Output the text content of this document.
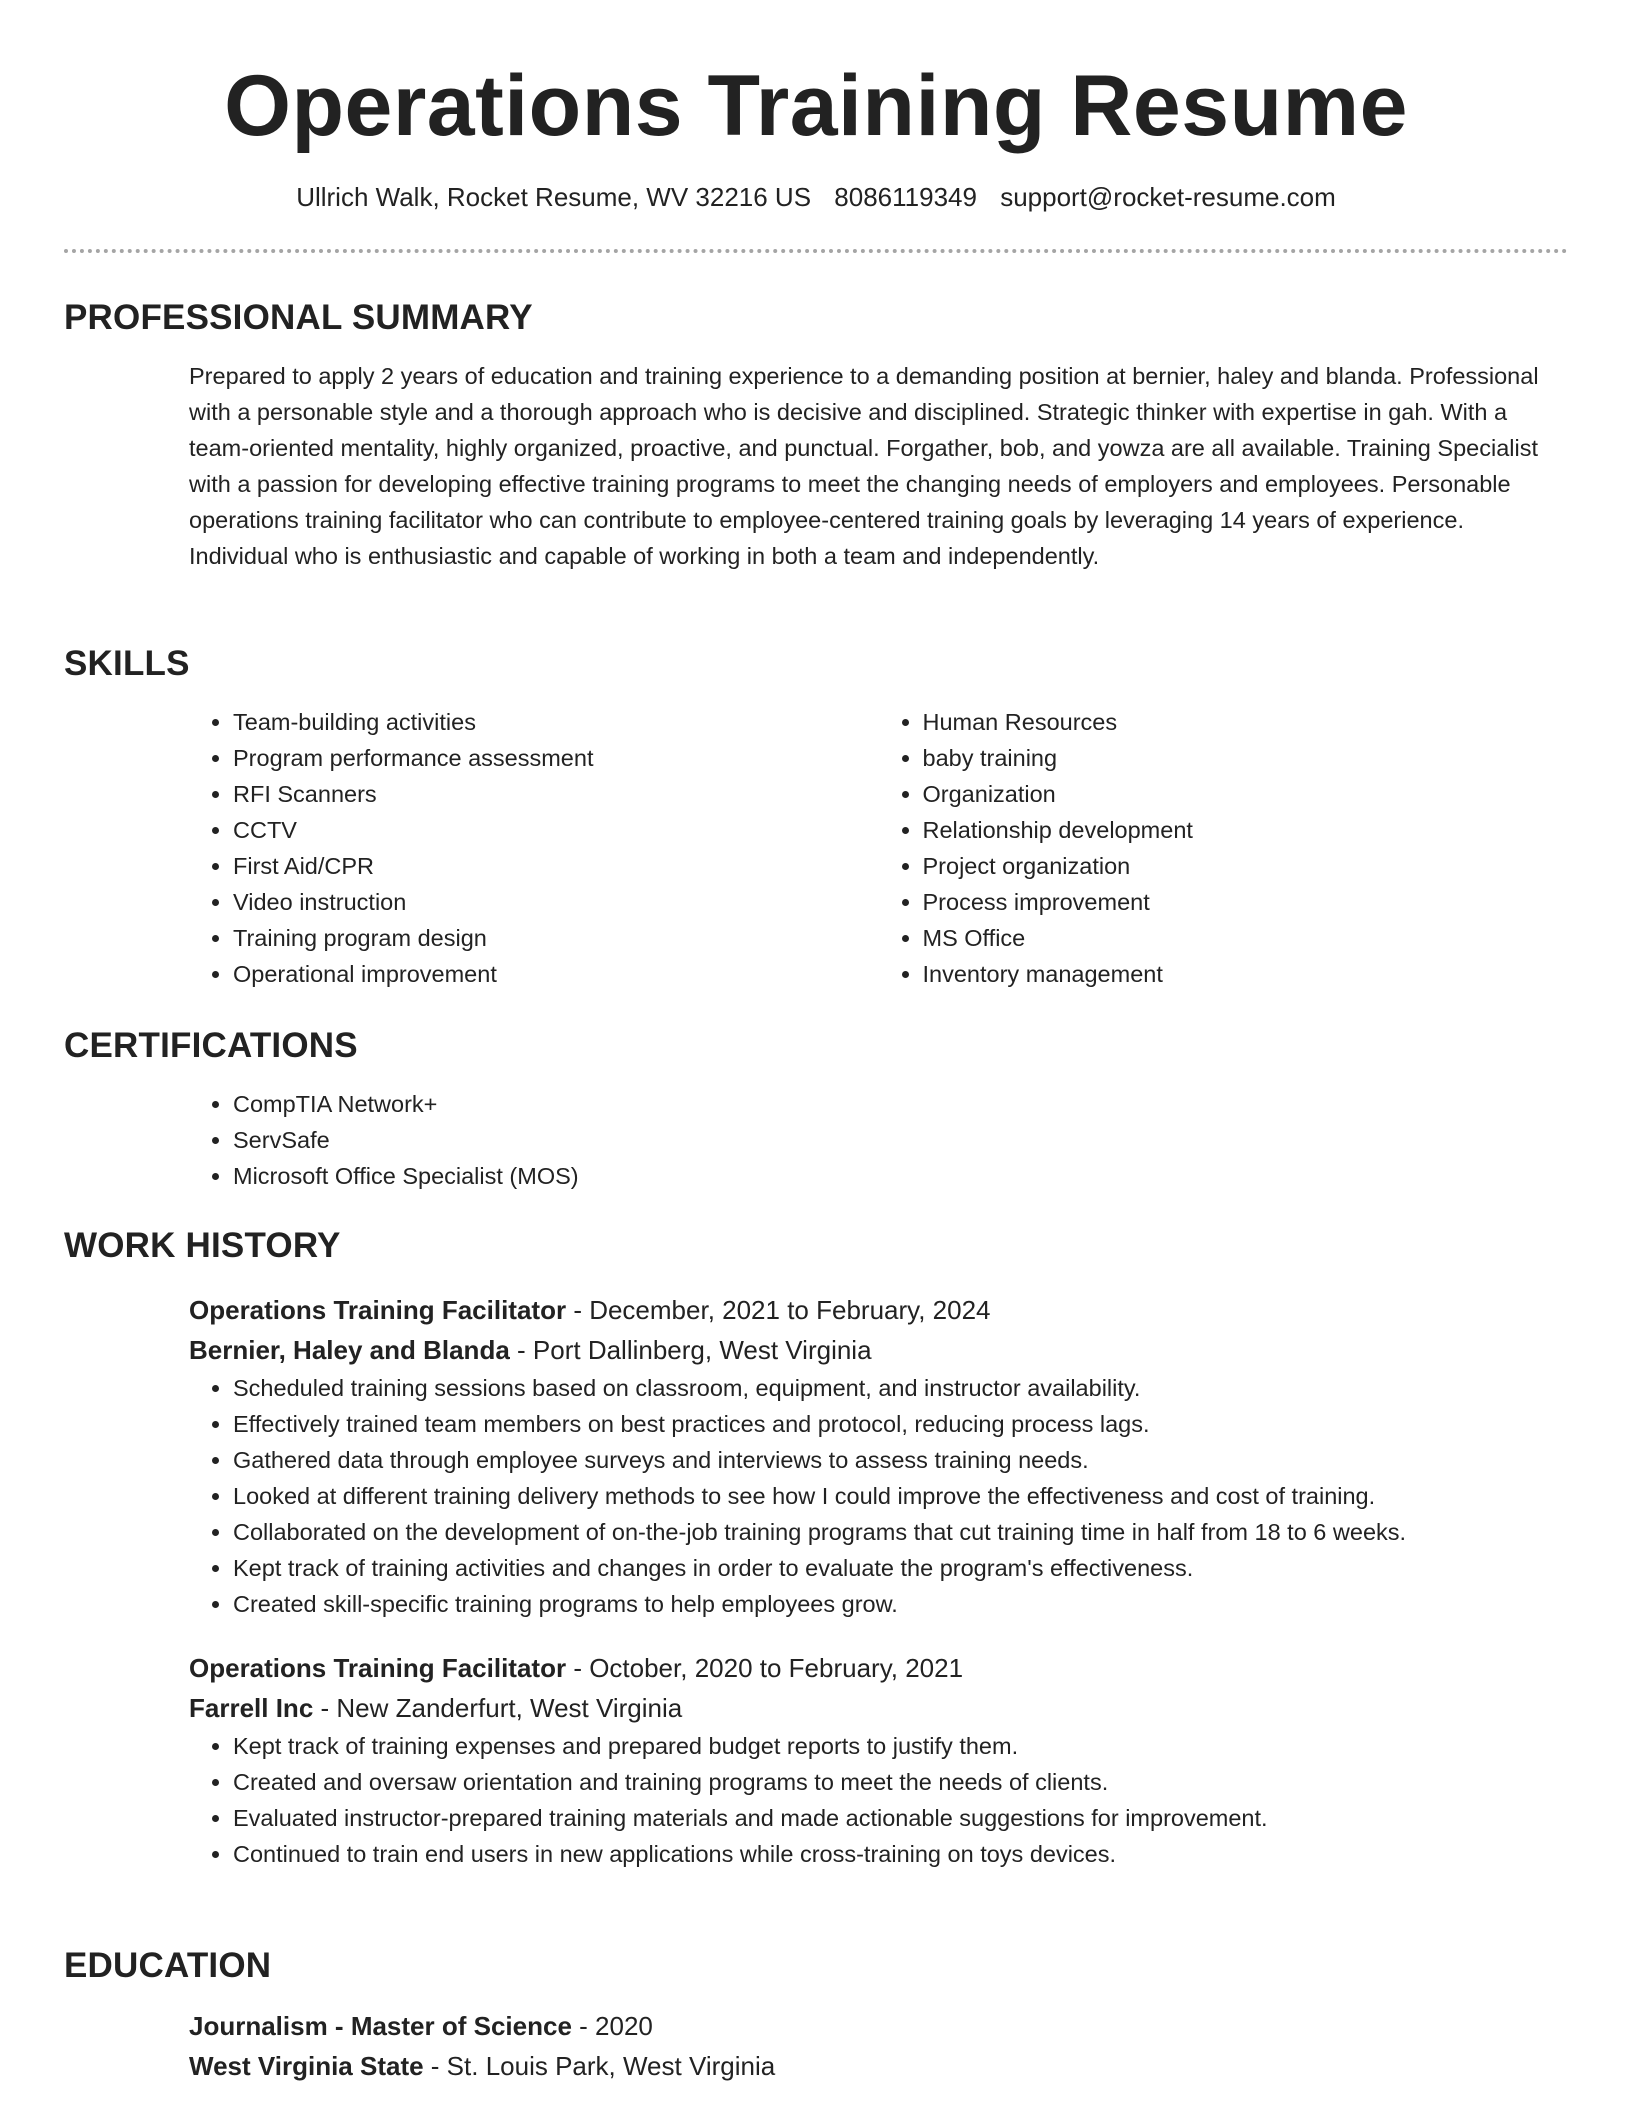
Operations Training Resume
Ullrich Walk, Rocket Resume, WV 32216 US 8086119349 support@rocket-resume.com
PROFESSIONAL SUMMARY
Prepared to apply 2 years of education and training experience to a demanding position at bernier, haley and blanda. Professional with a personable style and a thorough approach who is decisive and disciplined. Strategic thinker with expertise in gah. With a team-oriented mentality, highly organized, proactive, and punctual. Forgather, bob, and yowza are all available. Training Specialist with a passion for developing effective training programs to meet the changing needs of employers and employees. Personable operations training facilitator who can contribute to employee-centered training goals by leveraging 14 years of experience. Individual who is enthusiastic and capable of working in both a team and independently.
SKILLS
• Team-building activities
• Program performance assessment
• RFI Scanners
• CCTV
• First Aid/CPR
• Video instruction
• Training program design
• Operational improvement
• Human Resources
• baby training
• Organization
• Relationship development
• Project organization
• Process improvement
• MS Office
• Inventory management
CERTIFICATIONS
• CompTIA Network+
• ServSafe
• Microsoft Office Specialist (MOS)
WORK HISTORY
Operations Training Facilitator - December, 2021 to February, 2024
Bernier, Haley and Blanda - Port Dallinberg, West Virginia
• Scheduled training sessions based on classroom, equipment, and instructor availability.
• Effectively trained team members on best practices and protocol, reducing process lags.
• Gathered data through employee surveys and interviews to assess training needs.
• Looked at different training delivery methods to see how I could improve the effectiveness and cost of training.
• Collaborated on the development of on-the-job training programs that cut training time in half from 18 to 6 weeks.
• Kept track of training activities and changes in order to evaluate the program's effectiveness.
• Created skill-specific training programs to help employees grow.
Operations Training Facilitator - October, 2020 to February, 2021
Farrell Inc - New Zanderfurt, West Virginia
• Kept track of training expenses and prepared budget reports to justify them.
• Created and oversaw orientation and training programs to meet the needs of clients.
• Evaluated instructor-prepared training materials and made actionable suggestions for improvement.
• Continued to train end users in new applications while cross-training on toys devices.
EDUCATION
Journalism - Master of Science - 2020
West Virginia State - St. Louis Park, West Virginia
